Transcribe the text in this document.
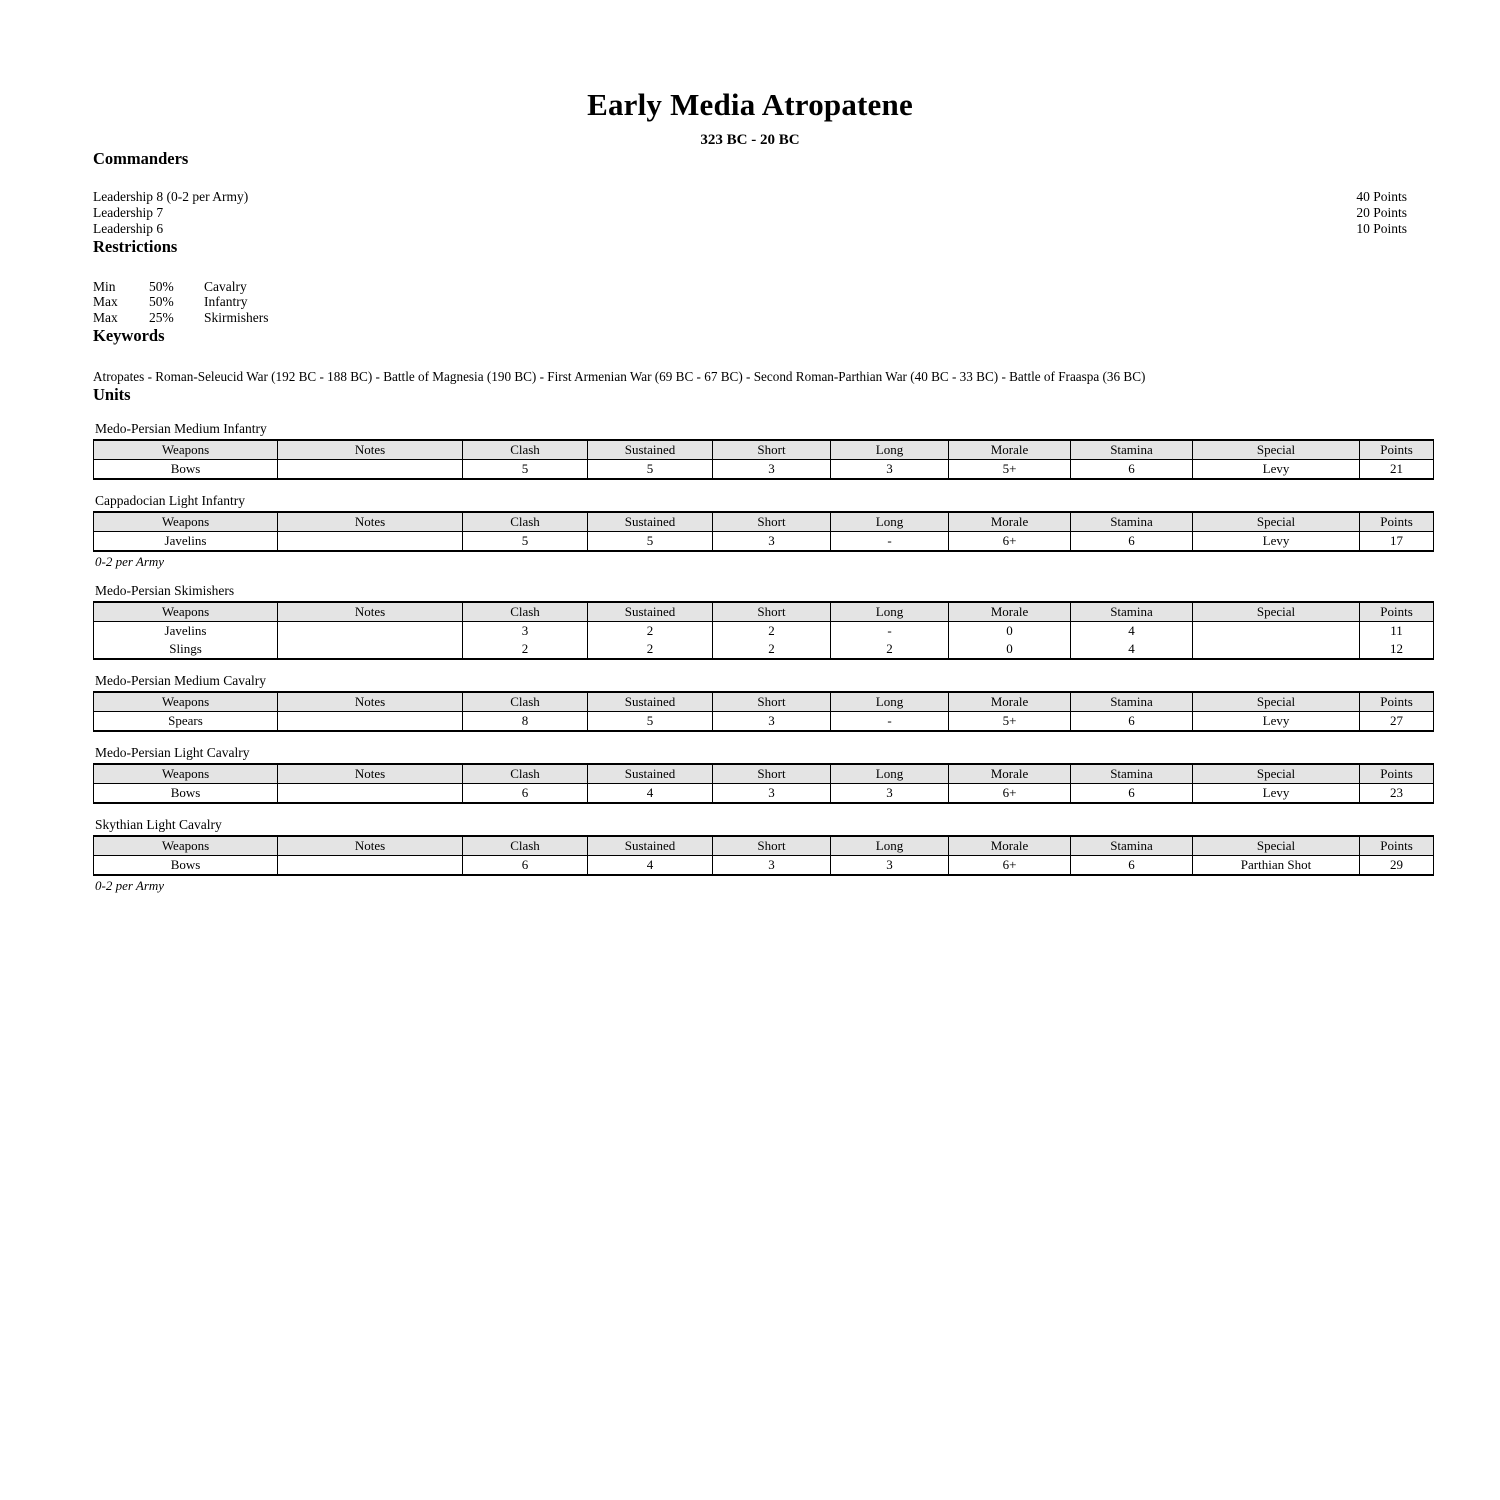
Early Media Atropatene

323 BC - 20 BC

Commanders
Leadership 8 (0-2 per Army)	40 Points
Leadership 7	20 Points
Leadership 6	10 Points
Restrictions
Min 50% Cavalry
Max 50% Infantry
Max 25% Skirmishers
Keywords
Atropates - Roman-Seleucid War (192 BC - 188 BC) - Battle of Magnesia (190 BC) - First Armenian War (69 BC - 67 BC) - Second Roman-Parthian War (40 BC - 33 BC) - Battle of Fraaspa (36 BC)
Units
Medo-Persian Medium Infantry
Weapons	Notes	Clash	Sustained	Short	Long	Morale	Stamina	Special	Points
Bows		5	5	3	3	5+	6	Levy	21
Cappadocian Light Infantry
Weapons	Notes	Clash	Sustained	Short	Long	Morale	Stamina	Special	Points
Javelins		5	5	3	-	6+	6	Levy	17
0-2 per Army
Medo-Persian Skimishers
Weapons	Notes	Clash	Sustained	Short	Long	Morale	Stamina	Special	Points
Javelins		3	2	2	-	0	4		11
Slings		2	2	2	2	0	4		12
Medo-Persian Medium Cavalry
Weapons	Notes	Clash	Sustained	Short	Long	Morale	Stamina	Special	Points
Spears		8	5	3	-	5+	6	Levy	27
Medo-Persian Light Cavalry
Weapons	Notes	Clash	Sustained	Short	Long	Morale	Stamina	Special	Points
Bows		6	4	3	3	6+	6	Levy	23
Skythian Light Cavalry
Weapons	Notes	Clash	Sustained	Short	Long	Morale	Stamina	Special	Points
Bows		6	4	3	3	6+	6	Parthian Shot	29
0-2 per Army
